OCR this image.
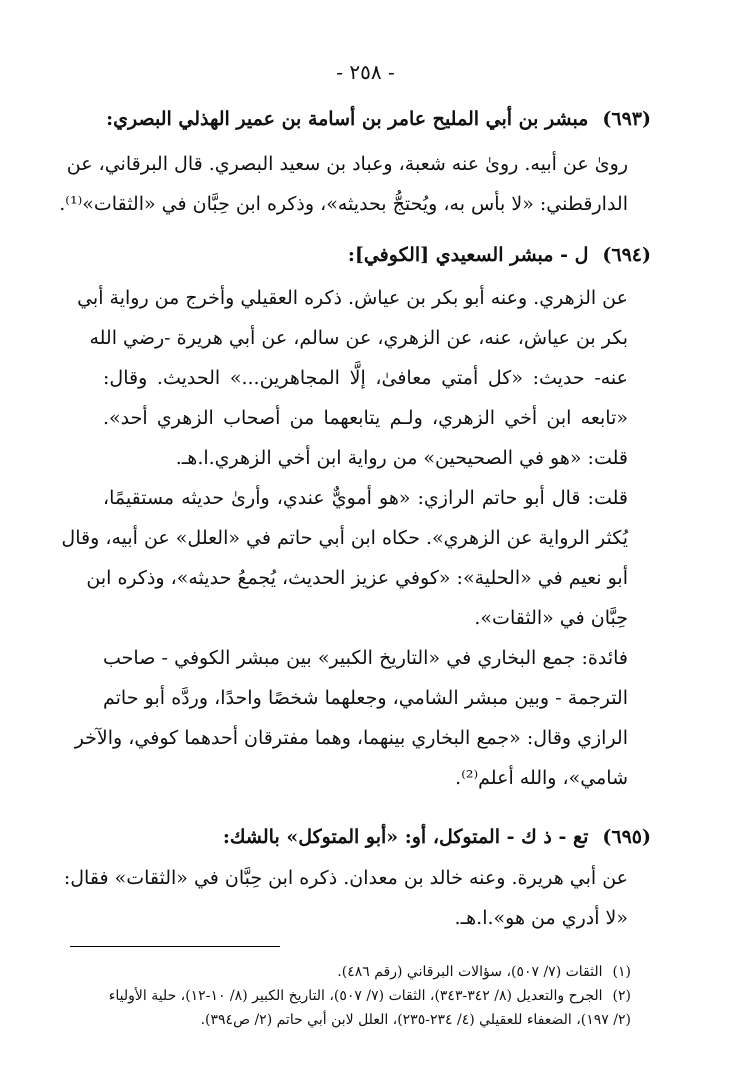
- ٢٥٨ -
(٦٩٣)مبشر بن أبي المليح عامر بن أسامة بن عمير الهذلي البصري:
روىٰ عن أبيه. روىٰ عنه شعبة، وعباد بن سعيد البصري. قال البرقاني، عن
الدارقطني: «لا بأس به، ويُحتجُّ بحديثه»، وذكره ابن حِبَّان في «الثقات»⁽¹⁾.
(٦٩٤)ل - مبشر السعيدي [الكوفي]:
عن الزهري. وعنه أبو بكر بن عياش. ذكره العقيلي وأخرج من رواية أبي
بكر بن عياش، عنه، عن الزهري، عن سالم، عن أبي هريرة -رضي الله
عنه- حديث: «كل أمتي معافىٰ، إلَّا المجاهرين...» الحديث. وقال:
«تابعه ابن أخي الزهري، ولـم يتابعهما من أصحاب الزهري أحد».
قلت: «هو في الصحيحين» من رواية ابن أخي الزهري.ا.هـ.
قلت: قال أبو حاتم الرازي: «هو أمويٌّ عندي، وأرىٰ حديثه مستقيمًا،
يُكثر الرواية عن الزهري». حكاه ابن أبي حاتم في «العلل» عن أبيه، وقال
أبو نعيم في «الحلية»: «كوفي عزيز الحديث، يُجمعُ حديثه»، وذكره ابن
حِبَّان في «الثقات».
فائدة: جمع البخاري في «التاريخ الكبير» بين مبشر الكوفي - صاحب
الترجمة - وبين مبشر الشامي، وجعلهما شخصًا واحدًا، وردَّه أبو حاتم
الرازي وقال: «جمع البخاري بينهما، وهما مفترقان أحدهما كوفي، والآخر
شامي»، والله أعلم⁽²⁾.
(٦٩٥)تع - ذ ك - المتوكل، أو: «أبو المتوكل» بالشك:
عن أبي هريرة. وعنه خالد بن معدان. ذكره ابن حِبَّان في «الثقات» فقال:
«لا أدري من هو».ا.هـ.
(١)الثقات (٧/ ٥٠٧)، سؤالات البرقاني (رقم ٤٨٦).
(٢)الجرح والتعديل (٨/ ٣٤٢-٣٤٣)، الثقات (٧/ ٥٠٧)، التاريخ الكبير (٨/ ١٠-١٢)، حلية الأولياء
(٢/ ١٩٧)، الضعفاء للعقيلي (٤/ ٢٣٤-٢٣٥)، العلل لابن أبي حاتم (٢/ ص٣٩٤).
